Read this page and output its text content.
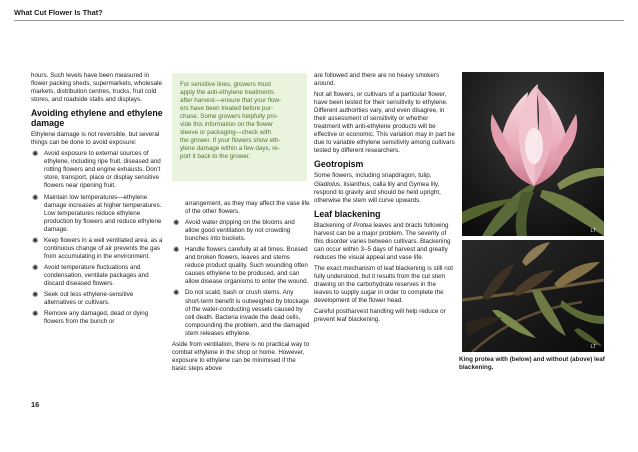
What Cut Flower Is That?

hours. Such levels have been measured in flower packing sheds, supermarkets, wholesale markets, distribution centres, trucks, fruit cold stores, and roadside stalls and displays.

Avoiding ethylene and ethylene damage

Ethylene damage is not reversible, but several things can be done to avoid exposure:

✺ Avoid exposure to external sources of ethylene, including ripe fruit, diseased and rotting flowers and engine exhausts. Don’t store, transport, place or display sensitive flowers near ripening fruit.
✺ Maintain low temperatures—ethylene damage increases at higher temperatures. Low temperatures reduce ethylene production by flowers and reduce ethylene damage.
✺ Keep flowers in a well ventilated area, as a continuous change of air prevents the gas from accumulating in the environment.
✺ Avoid temperature fluctuations and condensation, ventilate packages and discard diseased flowers.
✺ Seek out less ethylene-sensitive alternatives or cultivars.
✺ Remove any damaged, dead or dying flowers from the bunch or
For sensitive lines, growers must
apply the anti-ethylene treatments
after harvest—ensure that your flow-
ers have been treated before pur-
chase. Some growers helpfully pro-
vide this information on the flower
sleeve or packaging—check with
the grower. If your flowers show eth-
ylene damage within a few days, re-
port it back to the grower.

arrangement, as they may affect the vase life of the other flowers.

✺ Avoid water dripping on the blooms and allow good ventilation by not crowding bunches into buckets.
✺ Handle flowers carefully at all times. Bruised and broken flowers, leaves and stems reduce product quality. Such wounding often causes ethylene to be produced, and can allow disease organisms to enter the wound.
✺ Do not scald, bash or crush stems. Any short-term benefit is outweighed by blockage of the water-conducting vessels caused by cell death. Bacteria invade the dead cells, compounding the problem, and the damaged stem releases ethylene.

Aside from ventilation, there is no practical way to combat ethylene in the shop or home. However, exposure to ethylene can be minimised if the basic steps above

are followed and there are no heavy smokers around.

Not all flowers, or cultivars of a particular flower, have been tested for their sensitivity to ethylene. Different authorities vary, and even disagree, in their assessment of sensitivity or whether treatment with anti-ethylene products will be effective or economic. This variation may in part be due to variable ethylene sensitivity among cultivars tested by different researchers.

Geotropism

Some flowers, including snapdragon, tulip, Gladiolus, lisianthus, calla lily and Gymea lily, respond to gravity and should be held upright, otherwise the stem will curve upwards.

Leaf blackening

Blackening of Protea leaves and bracts following harvest can be a major problem. The severity of this disorder varies between cultivars. Blackening can occur within 3–5 days of harvest and greatly reduces the visual appeal and vase life.

The exact mechanism of leaf blackening is still not fully understood, but it results from the cut stem drawing on the carbohydrate reserves in the leaves to supply sugar in order to complete the development of the flower head.

Careful postharvest handling will help reduce or prevent leaf blackening.

LT
LT
King protea with (below) and without (above) leaf blackening.
16
